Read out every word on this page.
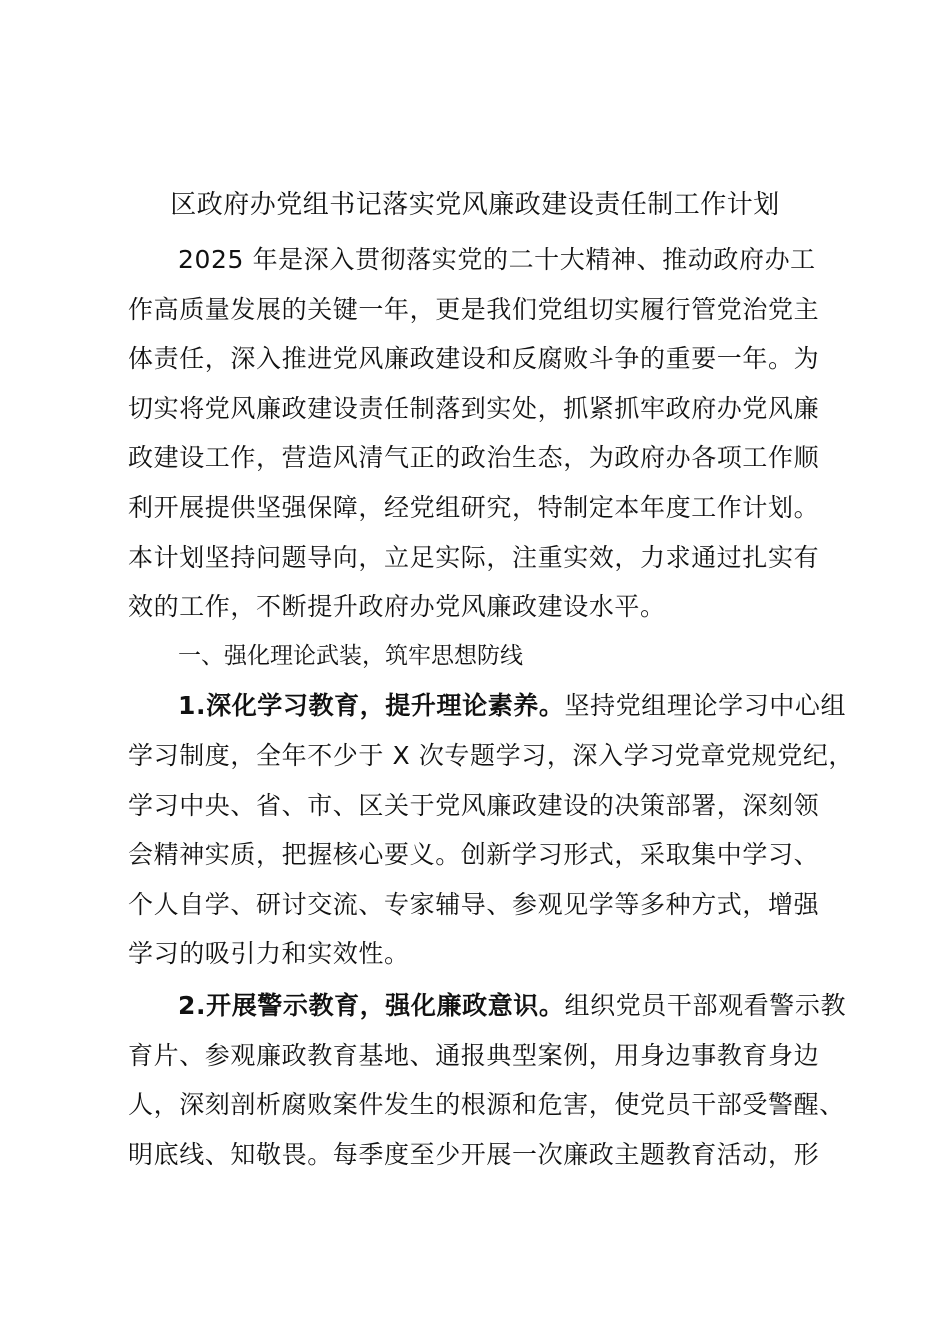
区政府办党组书记落实党风廉政建设责任制工作计划
2025 年是深入贯彻落实党的二十大精神、推动政府办工
作高质量发展的关键一年，更是我们党组切实履行管党治党主
体责任，深入推进党风廉政建设和反腐败斗争的重要一年。为
切实将党风廉政建设责任制落到实处，抓紧抓牢政府办党风廉
政建设工作，营造风清气正的政治生态，为政府办各项工作顺
利开展提供坚强保障，经党组研究，特制定本年度工作计划。
本计划坚持问题导向，立足实际，注重实效，力求通过扎实有
效的工作，不断提升政府办党风廉政建设水平。
一、强化理论武装，筑牢思想防线
1.深化学习教育，提升理论素养。坚持党组理论学习中心组
学习制度，全年不少于 X 次专题学习，深入学习党章党规党纪，
学习中央、省、市、区关于党风廉政建设的决策部署，深刻领
会精神实质，把握核心要义。创新学习形式，采取集中学习、
个人自学、研讨交流、专家辅导、参观见学等多种方式，增强
学习的吸引力和实效性。
2.开展警示教育，强化廉政意识。组织党员干部观看警示教
育片、参观廉政教育基地、通报典型案例，用身边事教育身边
人，深刻剖析腐败案件发生的根源和危害，使党员干部受警醒、
明底线、知敬畏。每季度至少开展一次廉政主题教育活动，形
